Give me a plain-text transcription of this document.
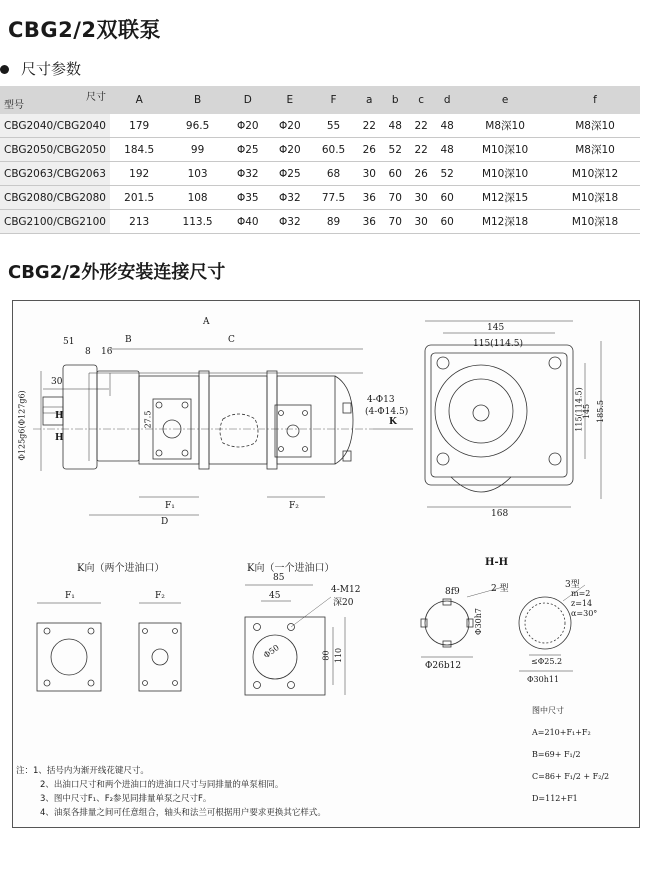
CBG2/2双联泵
尺寸参数
尺寸
型号	A	B	D	E	F	a	b	c	d	e	f
CBG2040/CBG2040	179	96.5	Φ20	Φ20	55	22	48	22	48	M8深10	M8深10
CBG2050/CBG2050	184.5	99	Φ25	Φ20	60.5	26	52	22	48	M10深10	M8深10
CBG2063/CBG2063	192	103	Φ32	Φ25	68	30	60	26	52	M10深10	M10深12
CBG2080/CBG2080	201.5	108	Φ35	Φ32	77.5	36	70	30	60	M12深15	M10深18
CBG2100/CBG2100	213	113.5	Φ40	Φ32	89	36	70	30	60	M12深18	M10深18
CBG2/2外形安装连接尺寸
A
B	C
51
8 16
30
H
H
Φ125g6(Φ127g6)	27.5
F₁	F₂
D
145
115(114.5)
4-Φ13
(4-Φ14.5)
K	115(114.5)
145 185.5
168
K向（两个进油口）
F₁	F₂
K向（一个进油口）
85
45
4-M12
深20
Φ50	80 110
H-H
8f9	2 型
Φ30h7
Φ26b12
3型
m=2
z=14
α=30°
≤Φ25.2
Φ30h11
图中尺寸
A=210+F₁+F₂
B=69+ F₁/2
C=86+ F₁/2 + F₂/2
D=112+F1
注：1、括号内为渐开线花键尺寸。
2、出油口尺寸和两个进油口的进油口尺寸与同排量的单泵相同。
3、图中尺寸F₁、F₂参见同排量单泵之尺寸F。
4、油泵各排量之间可任意组合，轴头和法兰可根据用户要求更换其它样式。
